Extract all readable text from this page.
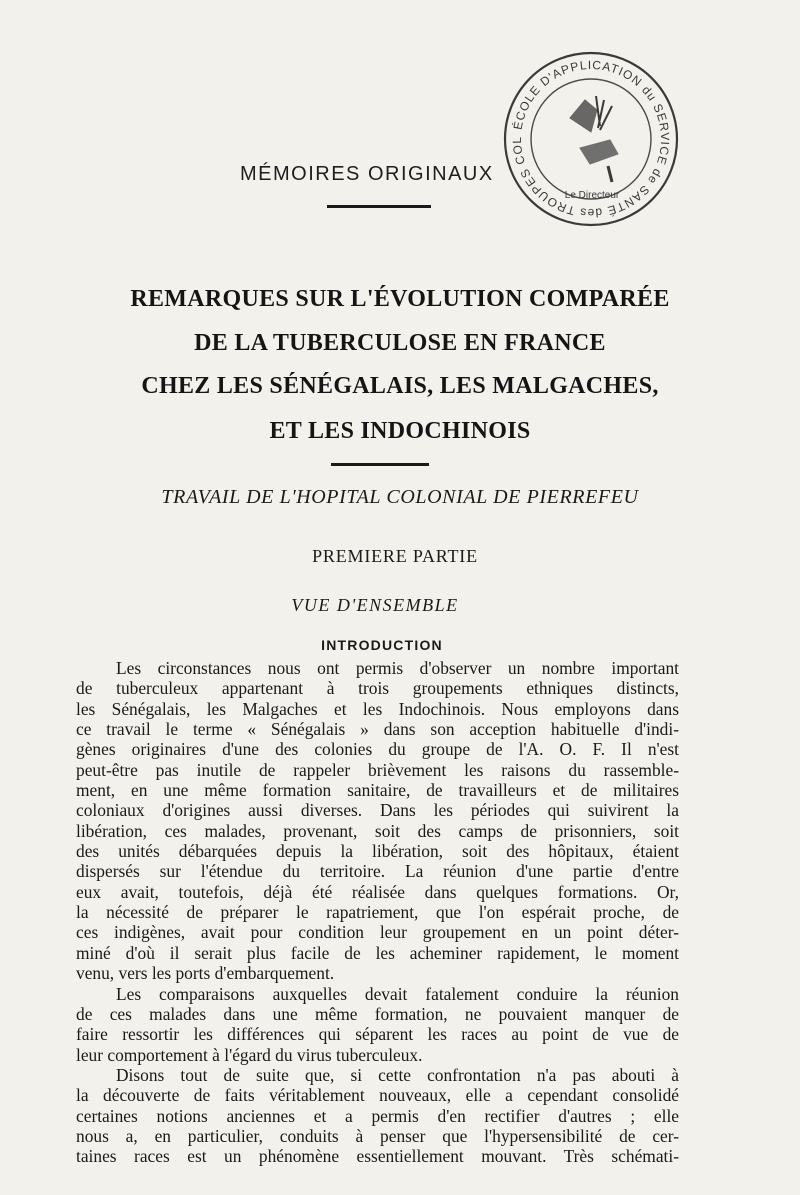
ÉCOLE D'APPLICATION du SERVICE de SANTÉ des TROUPES COL
Le Directeur
MÉMOIRES ORIGINAUX
REMARQUES SUR L'ÉVOLUTION COMPARÉE
DE LA TUBERCULOSE EN FRANCE
CHEZ LES SÉNÉGALAIS, LES MALGACHES,
ET LES INDOCHINOIS
TRAVAIL DE L'HOPITAL COLONIAL DE PIERREFEU
PREMIERE PARTIE
VUE D'ENSEMBLE
INTRODUCTION
Les circonstances nous ont permis d'observer un nombre important
de tuberculeux appartenant à trois groupements ethniques distincts,
les Sénégalais, les Malgaches et les Indochinois. Nous employons dans
ce travail le terme « Sénégalais » dans son acception habituelle d'indi-
gènes originaires d'une des colonies du groupe de l'A. O. F. Il n'est
peut-être pas inutile de rappeler brièvement les raisons du rassemble-
ment, en une même formation sanitaire, de travailleurs et de militaires
coloniaux d'origines aussi diverses. Dans les périodes qui suivirent la
libération, ces malades, provenant, soit des camps de prisonniers, soit
des unités débarquées depuis la libération, soit des hôpitaux, étaient
dispersés sur l'étendue du territoire. La réunion d'une partie d'entre
eux avait, toutefois, déjà été réalisée dans quelques formations. Or,
la nécessité de préparer le rapatriement, que l'on espérait proche, de
ces indigènes, avait pour condition leur groupement en un point déter-
miné d'où il serait plus facile de les acheminer rapidement, le moment
venu, vers les ports d'embarquement.
Les comparaisons auxquelles devait fatalement conduire la réunion
de ces malades dans une même formation, ne pouvaient manquer de
faire ressortir les différences qui séparent les races au point de vue de
leur comportement à l'égard du virus tuberculeux.
Disons tout de suite que, si cette confrontation n'a pas abouti à
la découverte de faits véritablement nouveaux, elle a cependant consolidé
certaines notions anciennes et a permis d'en rectifier d'autres ; elle
nous a, en particulier, conduits à penser que l'hypersensibilité de cer-
taines races est un phénomène essentiellement mouvant. Très schémati-
